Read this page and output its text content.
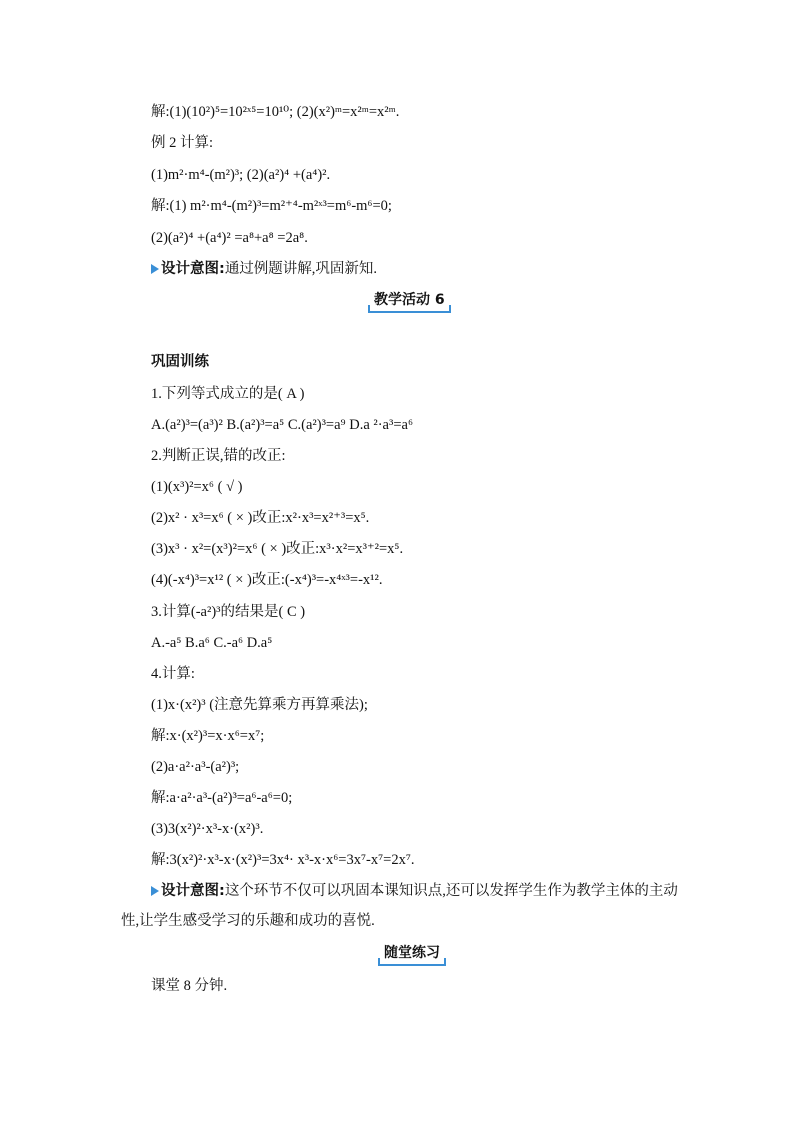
解:(1)(10²)⁵=10²ˣ⁵=10¹⁰; (2)(x²)ᵐ=x²ᵐ=x²ᵐ.
例 2 计算:
(1)m²·m⁴-(m²)³; (2)(a²)⁴ +(a⁴)².
解:(1) m²·m⁴-(m²)³=m²⁺⁴-m²ˣ³=m⁶-m⁶=0;
(2)(a²)⁴ +(a⁴)² =a⁸+a⁸ =2a⁸.
设计意图:通过例题讲解,巩固新知.
教学活动 6
巩固训练
1.下列等式成立的是( A )
A.(a²)³=(a³)² B.(a²)³=a⁵ C.(a²)³=a⁹ D.a ²·a³=a⁶
2.判断正误,错的改正:
(1)(x³)²=x⁶ ( √ )
(2)x² · x³=x⁶ ( × )改正:x²·x³=x²⁺³=x⁵.
(3)x³ · x²=(x³)²=x⁶ ( × )改正:x³·x²=x³⁺²=x⁵.
(4)(-x⁴)³=x¹² ( × )改正:(-x⁴)³=-x⁴ˣ³=-x¹².
3.计算(-a²)³的结果是( C )
A.-a⁵ B.a⁶ C.-a⁶ D.a⁵
4.计算:
(1)x·(x²)³ (注意先算乘方再算乘法);
解:x·(x²)³=x·x⁶=x⁷;
(2)a·a²·a³-(a²)³;
解:a·a²·a³-(a²)³=a⁶-a⁶=0;
(3)3(x²)²·x³-x·(x²)³.
解:3(x²)²·x³-x·(x²)³=3x⁴· x³-x·x⁶=3x⁷-x⁷=2x⁷.
设计意图:这个环节不仅可以巩固本课知识点,还可以发挥学生作为教学主体的主动性,让学生感受学习的乐趣和成功的喜悦.
随堂练习
课堂 8 分钟.
